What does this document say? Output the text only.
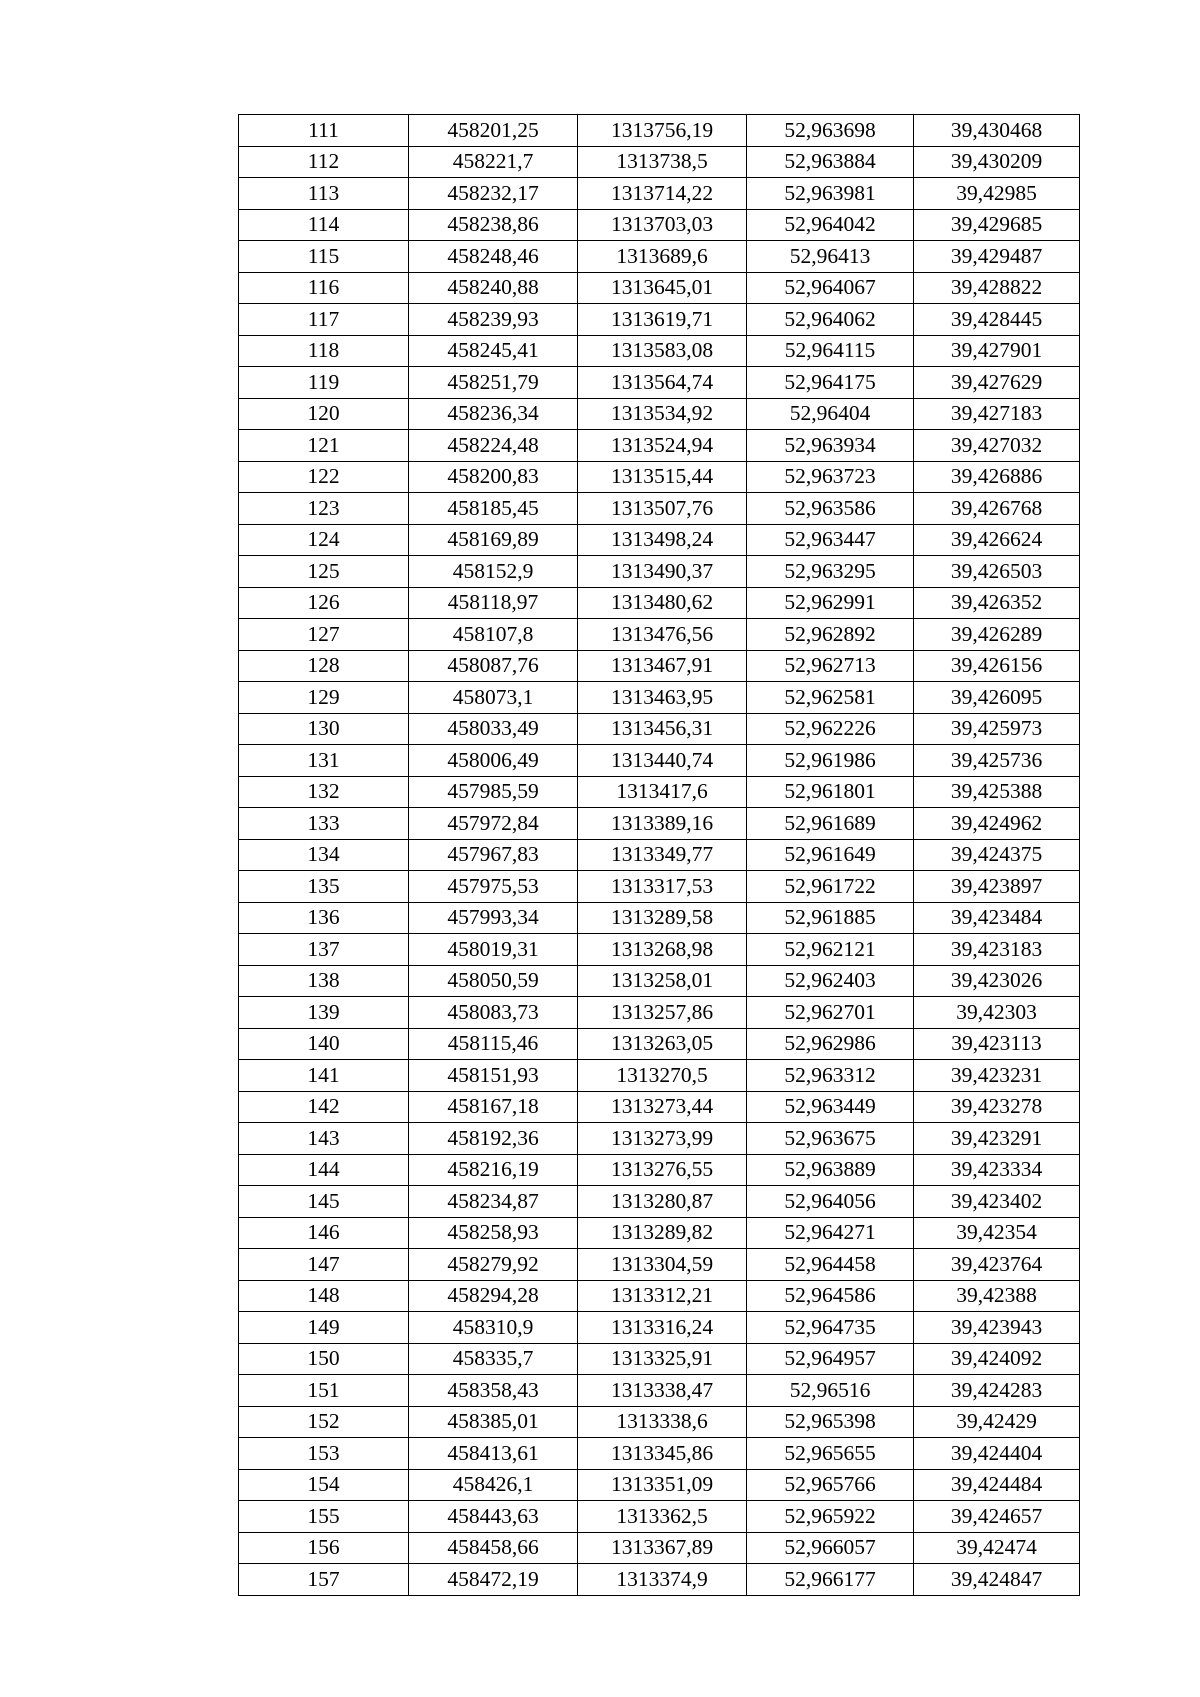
111	458201,25	1313756,19	52,963698	39,430468
112	458221,7	1313738,5	52,963884	39,430209
113	458232,17	1313714,22	52,963981	39,42985
114	458238,86	1313703,03	52,964042	39,429685
115	458248,46	1313689,6	52,96413	39,429487
116	458240,88	1313645,01	52,964067	39,428822
117	458239,93	1313619,71	52,964062	39,428445
118	458245,41	1313583,08	52,964115	39,427901
119	458251,79	1313564,74	52,964175	39,427629
120	458236,34	1313534,92	52,96404	39,427183
121	458224,48	1313524,94	52,963934	39,427032
122	458200,83	1313515,44	52,963723	39,426886
123	458185,45	1313507,76	52,963586	39,426768
124	458169,89	1313498,24	52,963447	39,426624
125	458152,9	1313490,37	52,963295	39,426503
126	458118,97	1313480,62	52,962991	39,426352
127	458107,8	1313476,56	52,962892	39,426289
128	458087,76	1313467,91	52,962713	39,426156
129	458073,1	1313463,95	52,962581	39,426095
130	458033,49	1313456,31	52,962226	39,425973
131	458006,49	1313440,74	52,961986	39,425736
132	457985,59	1313417,6	52,961801	39,425388
133	457972,84	1313389,16	52,961689	39,424962
134	457967,83	1313349,77	52,961649	39,424375
135	457975,53	1313317,53	52,961722	39,423897
136	457993,34	1313289,58	52,961885	39,423484
137	458019,31	1313268,98	52,962121	39,423183
138	458050,59	1313258,01	52,962403	39,423026
139	458083,73	1313257,86	52,962701	39,42303
140	458115,46	1313263,05	52,962986	39,423113
141	458151,93	1313270,5	52,963312	39,423231
142	458167,18	1313273,44	52,963449	39,423278
143	458192,36	1313273,99	52,963675	39,423291
144	458216,19	1313276,55	52,963889	39,423334
145	458234,87	1313280,87	52,964056	39,423402
146	458258,93	1313289,82	52,964271	39,42354
147	458279,92	1313304,59	52,964458	39,423764
148	458294,28	1313312,21	52,964586	39,42388
149	458310,9	1313316,24	52,964735	39,423943
150	458335,7	1313325,91	52,964957	39,424092
151	458358,43	1313338,47	52,96516	39,424283
152	458385,01	1313338,6	52,965398	39,42429
153	458413,61	1313345,86	52,965655	39,424404
154	458426,1	1313351,09	52,965766	39,424484
155	458443,63	1313362,5	52,965922	39,424657
156	458458,66	1313367,89	52,966057	39,42474
157	458472,19	1313374,9	52,966177	39,424847
